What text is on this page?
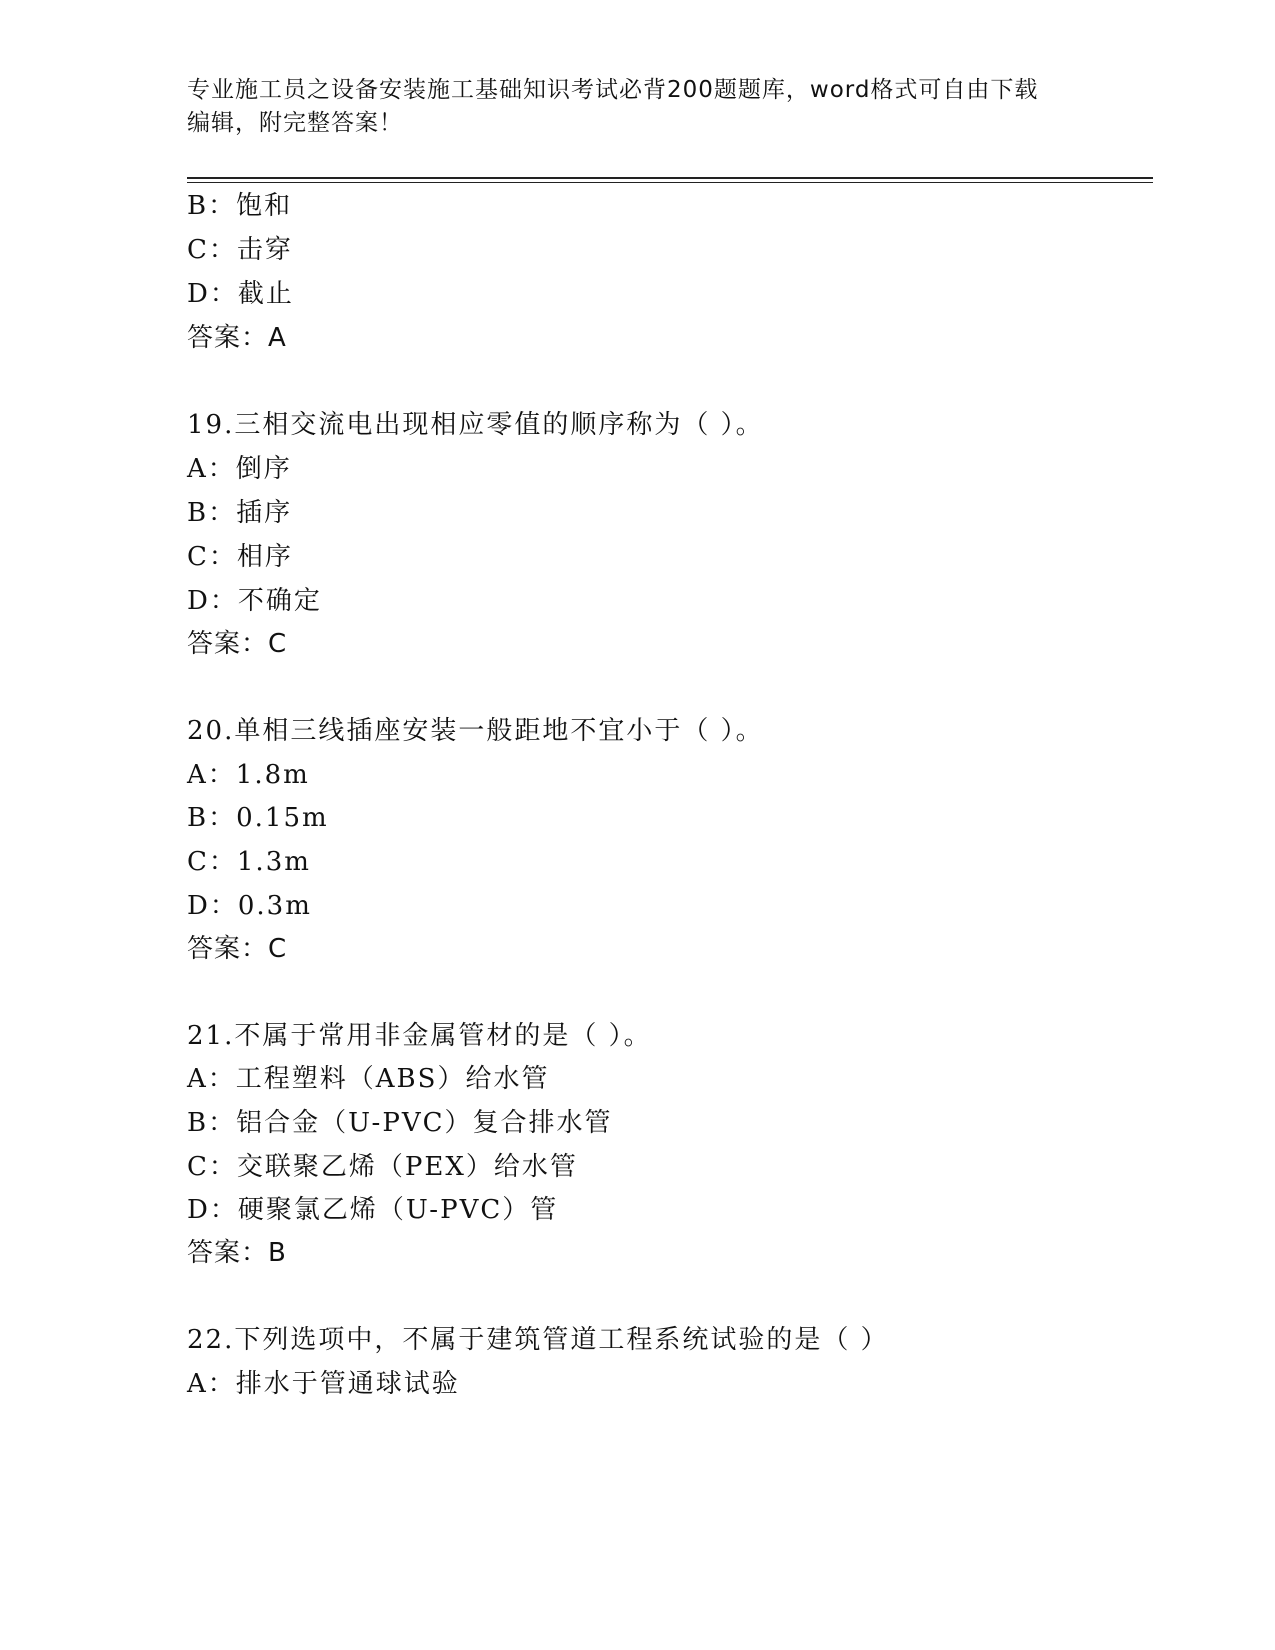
专业施工员之设备安装施工基础知识考试必背200题题库，word格式可自由下载
编辑，附完整答案！
B：饱和
C：击穿
D：截止
答案：A
19.三相交流电出现相应零值的顺序称为（ ）。
A：倒序
B：插序
C：相序
D：不确定
答案：C
20.单相三线插座安装一般距地不宜小于（ ）。
A：1.8m
B：0.15m
C：1.3m
D：0.3m
答案：C
21.不属于常用非金属管材的是（ ）。
A：工程塑料（ABS）给水管
B：铝合金（U-PVC）复合排水管
C：交联聚乙烯（PEX）给水管
D：硬聚氯乙烯（U-PVC）管
答案：B
22.下列选项中，不属于建筑管道工程系统试验的是（ ）
A：排水于管通球试验
